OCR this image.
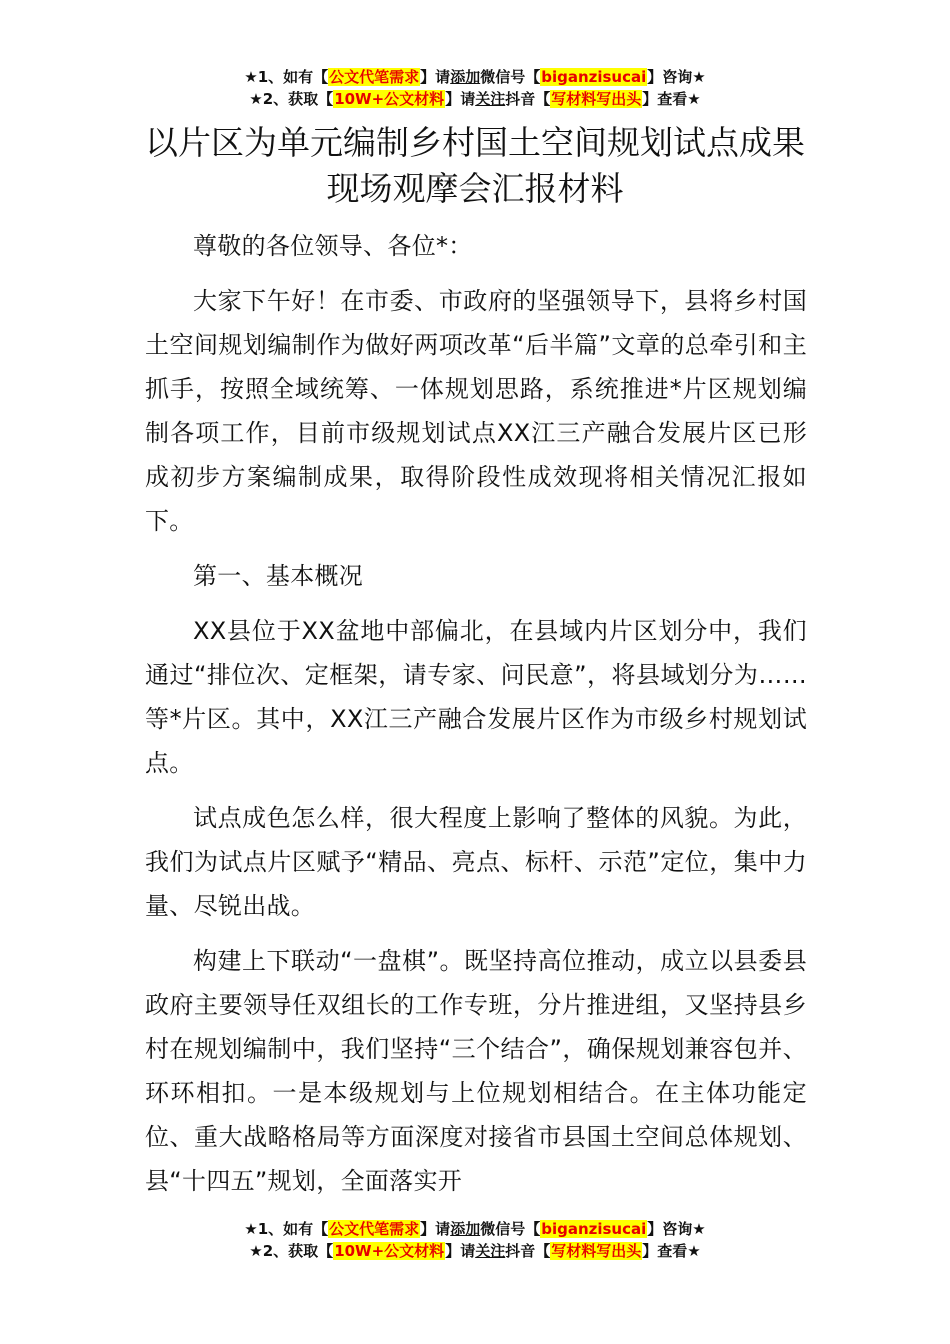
★1、如有【公文代笔需求】请添加微信号【biganzisucai】咨询★
★2、获取【10W+公文材料】请关注抖音【写材料写出头】查看★
以片区为单元编制乡村国土空间规划试点成果现场观摩会汇报材料

尊敬的各位领导、各位*：

大家下午好！在市委、市政府的坚强领导下，县将乡村国土空间规划编制作为做好两项改革“后半篇”文章的总牵引和主抓手，按照全域统筹、一体规划思路，系统推进*片区规划编制各项工作，目前市级规划试点XX江三产融合发展片区已形成初步方案编制成果，取得阶段性成效现将相关情况汇报如下。

第一、基本概况

XX县位于XX盆地中部偏北，在县域内片区划分中，我们通过“排位次、定框架，请专家、问民意”，将县域划分为……等*片区。其中，XX江三产融合发展片区作为市级乡村规划试点。

试点成色怎么样，很大程度上影响了整体的风貌。为此，我们为试点片区赋予“精品、亮点、标杆、示范”定位，集中力量、尽锐出战。

构建上下联动“一盘棋”。既坚持高位推动，成立以县委县政府主要领导任双组长的工作专班，分片推进组，又坚持县乡村在规划编制中，我们坚持“三个结合”，确保规划兼容包并、环环相扣。一是本级规划与上位规划相结合。在主体功能定位、重大战略格局等方面深度对接省市县国土空间总体规划、县“十四五”规划，全面落实开

★1、如有【公文代笔需求】请添加微信号【biganzisucai】咨询★
★2、获取【10W+公文材料】请关注抖音【写材料写出头】查看★
